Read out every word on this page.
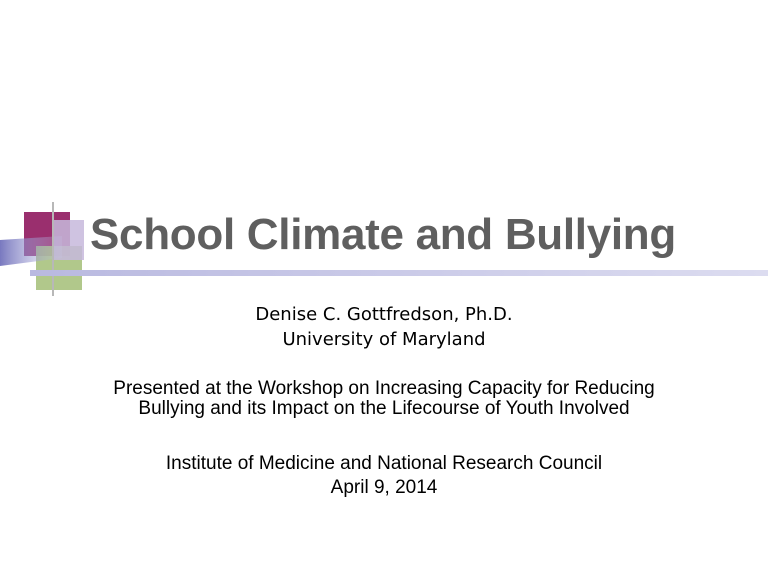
School Climate and Bullying
Denise C. Gottfredson, Ph.D.
University of Maryland
Presented at the Workshop on Increasing Capacity for Reducing
Bullying and its Impact on the Lifecourse of Youth Involved
Institute of Medicine and National Research Council
April 9, 2014
